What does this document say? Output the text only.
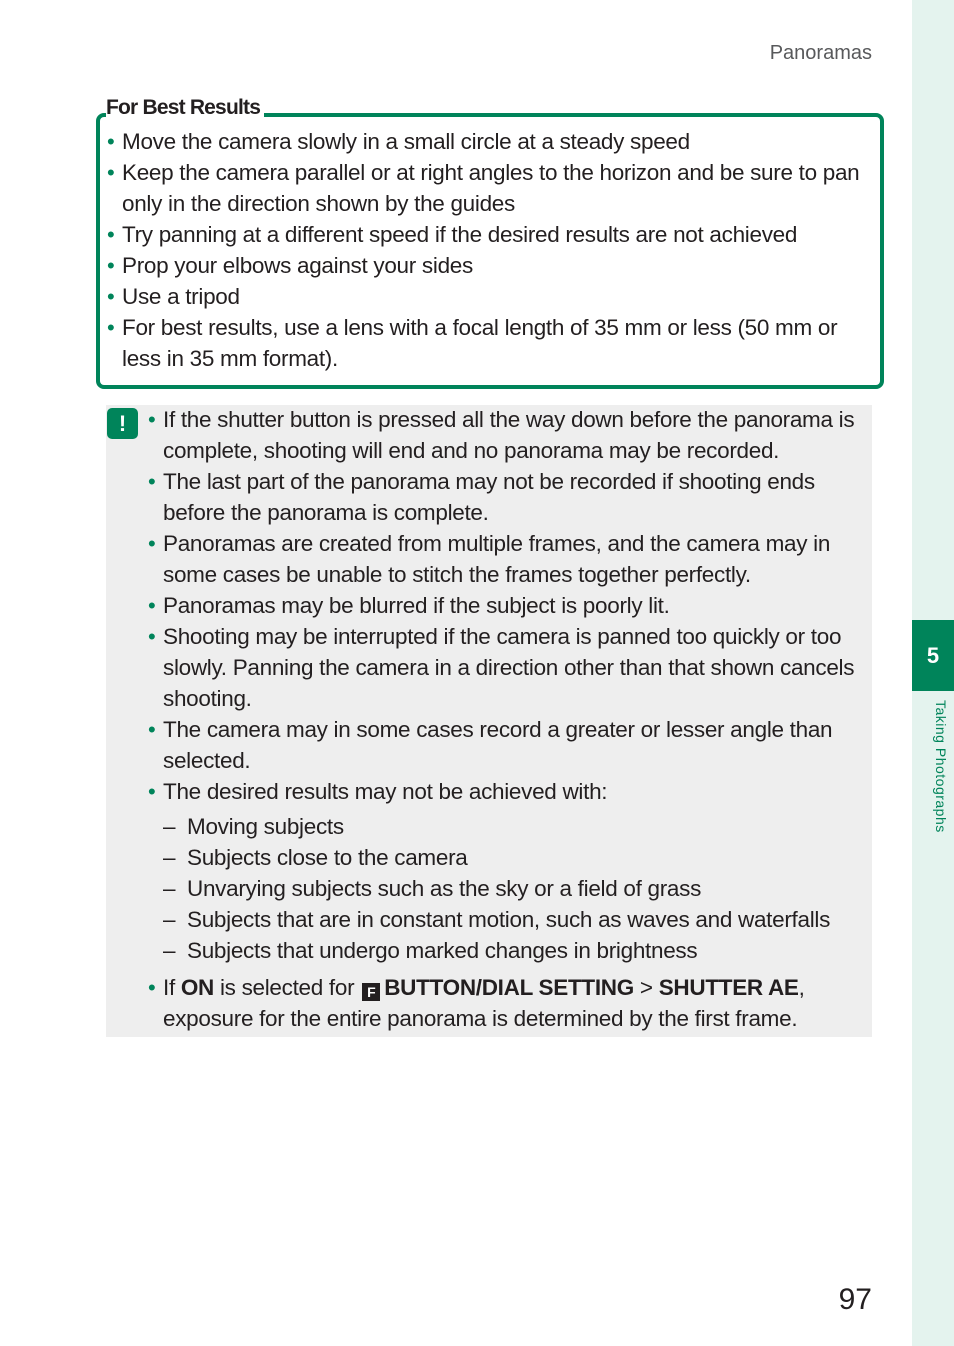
5
Taking Photographs
Panoramas
For Best Results
• Move the camera slowly in a small circle at a steady speed
• Keep the camera parallel or at right angles to the horizon and be sure to pan only in the direction shown by the guides
• Try panning at a different speed if the desired results are not achieved
• Prop your elbows against your sides
• Use a tripod
• For best results, use a lens with a focal length of 35 mm or less (50 mm or less in 35 mm format).
! • If the shutter button is pressed all the way down before the panorama is complete, shooting will end and no panorama may be recorded.
• The last part of the panorama may not be recorded if shooting ends before the panorama is complete.
• Panoramas are created from multiple frames, and the camera may in some cases be unable to stitch the frames together perfectly.
• Panoramas may be blurred if the subject is poorly lit.
• Shooting may be interrupted if the camera is panned too quickly or too slowly. Panning the camera in a direction other than that shown cancels shooting.
• The camera may in some cases record a greater or lesser angle than selected.
• The desired results may not be achieved with:
– Moving subjects
– Subjects close to the camera
– Unvarying subjects such as the sky or a field of grass
– Subjects that are in constant motion, such as waves and waterfalls
– Subjects that undergo marked changes in brightness
• If ON is selected for F BUTTON/DIAL SETTING > SHUTTER AE, exposure for the entire panorama is determined by the first frame.
97
